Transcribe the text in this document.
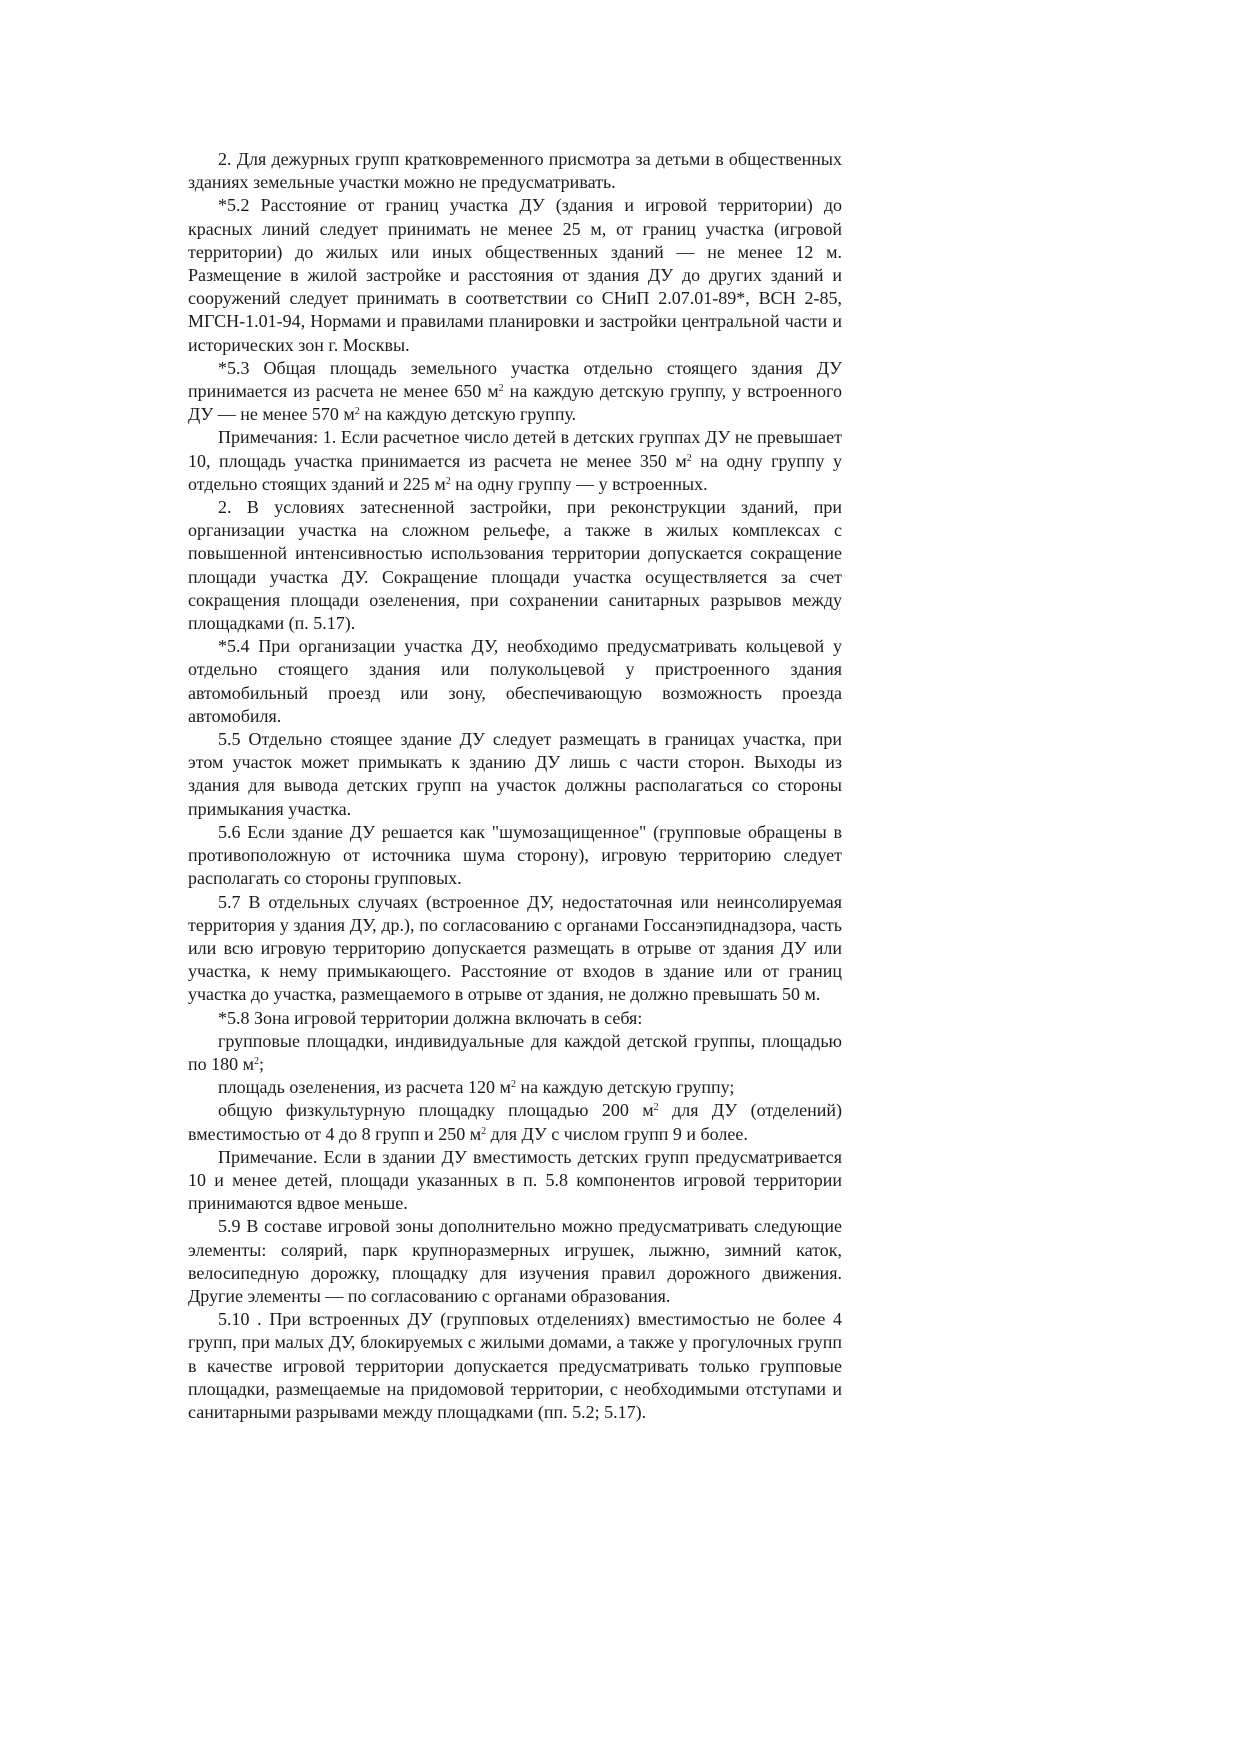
2. Для дежурных групп кратковременного присмотра за детьми в общественных зданиях земельные участки можно не предусматривать.

*5.2 Расстояние от границ участка ДУ (здания и игровой территории) до красных линий следует принимать не менее 25 м, от границ участка (игровой территории) до жилых или иных общественных зданий — не менее 12 м. Размещение в жилой застройке и расстояния от здания ДУ до других зданий и сооружений следует принимать в соответствии со СНиП 2.07.01-89*, ВСН 2-85, МГСН-1.01-94, Нормами и правилами планировки и застройки центральной части и исторических зон г. Москвы.

*5.3 Общая площадь земельного участка отдельно стоящего здания ДУ принимается из расчета не менее 650 $м^2$ на каждую детскую группу, у встроенного ДУ — не менее 570 $м^2$ на каждую детскую группу.

Примечания: 1. Если расчетное число детей в детских группах ДУ не превышает 10, площадь участка принимается из расчета не менее 350 $м^2$ на одну группу у отдельно стоящих зданий и 225 $м^2$ на одну группу — у встроенных.

2. В условиях затесненной застройки, при реконструкции зданий, при организации участка на сложном рельефе, а также в жилых комплексах с повышенной интенсивностью использования территории допускается сокращение площади участка ДУ. Сокращение площади участка осуществляется за счет сокращения площади озеленения, при сохранении санитарных разрывов между площадками (п. 5.17).

*5.4 При организации участка ДУ, необходимо предусматривать кольцевой у отдельно стоящего здания или полукольцевой у пристроенного здания автомобильный проезд или зону, обеспечивающую возможность проезда автомобиля.

5.5 Отдельно стоящее здание ДУ следует размещать в границах участка, при этом участок может примыкать к зданию ДУ лишь с части сторон. Выходы из здания для вывода детских групп на участок должны располагаться со стороны примыкания участка.

5.6 Если здание ДУ решается как "шумозащищенное" (групповые обращены в противоположную от источника шума сторону), игровую территорию следует располагать со стороны групповых.

5.7 В отдельных случаях (встроенное ДУ, недостаточная или неинсолируемая территория у здания ДУ, др.), по согласованию с органами Госсанэпиднадзора, часть или всю игровую территорию допускается размещать в отрыве от здания ДУ или участка, к нему примыкающего. Расстояние от входов в здание или от границ участка до участка, размещаемого в отрыве от здания, не должно превышать 50 м.

*5.8 Зона игровой территории должна включать в себя:

групповые площадки, индивидуальные для каждой детской группы, площадью по 180 $м^2$;

площадь озеленения, из расчета 120 $м^2$ на каждую детскую группу;

общую физкультурную площадку площадью 200 $м^2$ для ДУ (отделений) вместимостью от 4 до 8 групп и 250 $м^2$ для ДУ с числом групп 9 и более.

Примечание. Если в здании ДУ вместимость детских групп предусматривается 10 и менее детей, площади указанных в п. 5.8 компонентов игровой территории принимаются вдвое меньше.

5.9 В составе игровой зоны дополнительно можно предусматривать следующие элементы: солярий, парк крупноразмерных игрушек, лыжню, зимний каток, велосипедную дорожку, площадку для изучения правил дорожного движения. Другие элементы — по согласованию с органами образования.

5.10 . При встроенных ДУ (групповых отделениях) вместимостью не более 4 групп, при малых ДУ, блокируемых с жилыми домами, а также у прогулочных групп в качестве игровой территории допускается предусматривать только групповые площадки, размещаемые на придомовой территории, с необходимыми отступами и санитарными разрывами между площадками (пп. 5.2; 5.17).
